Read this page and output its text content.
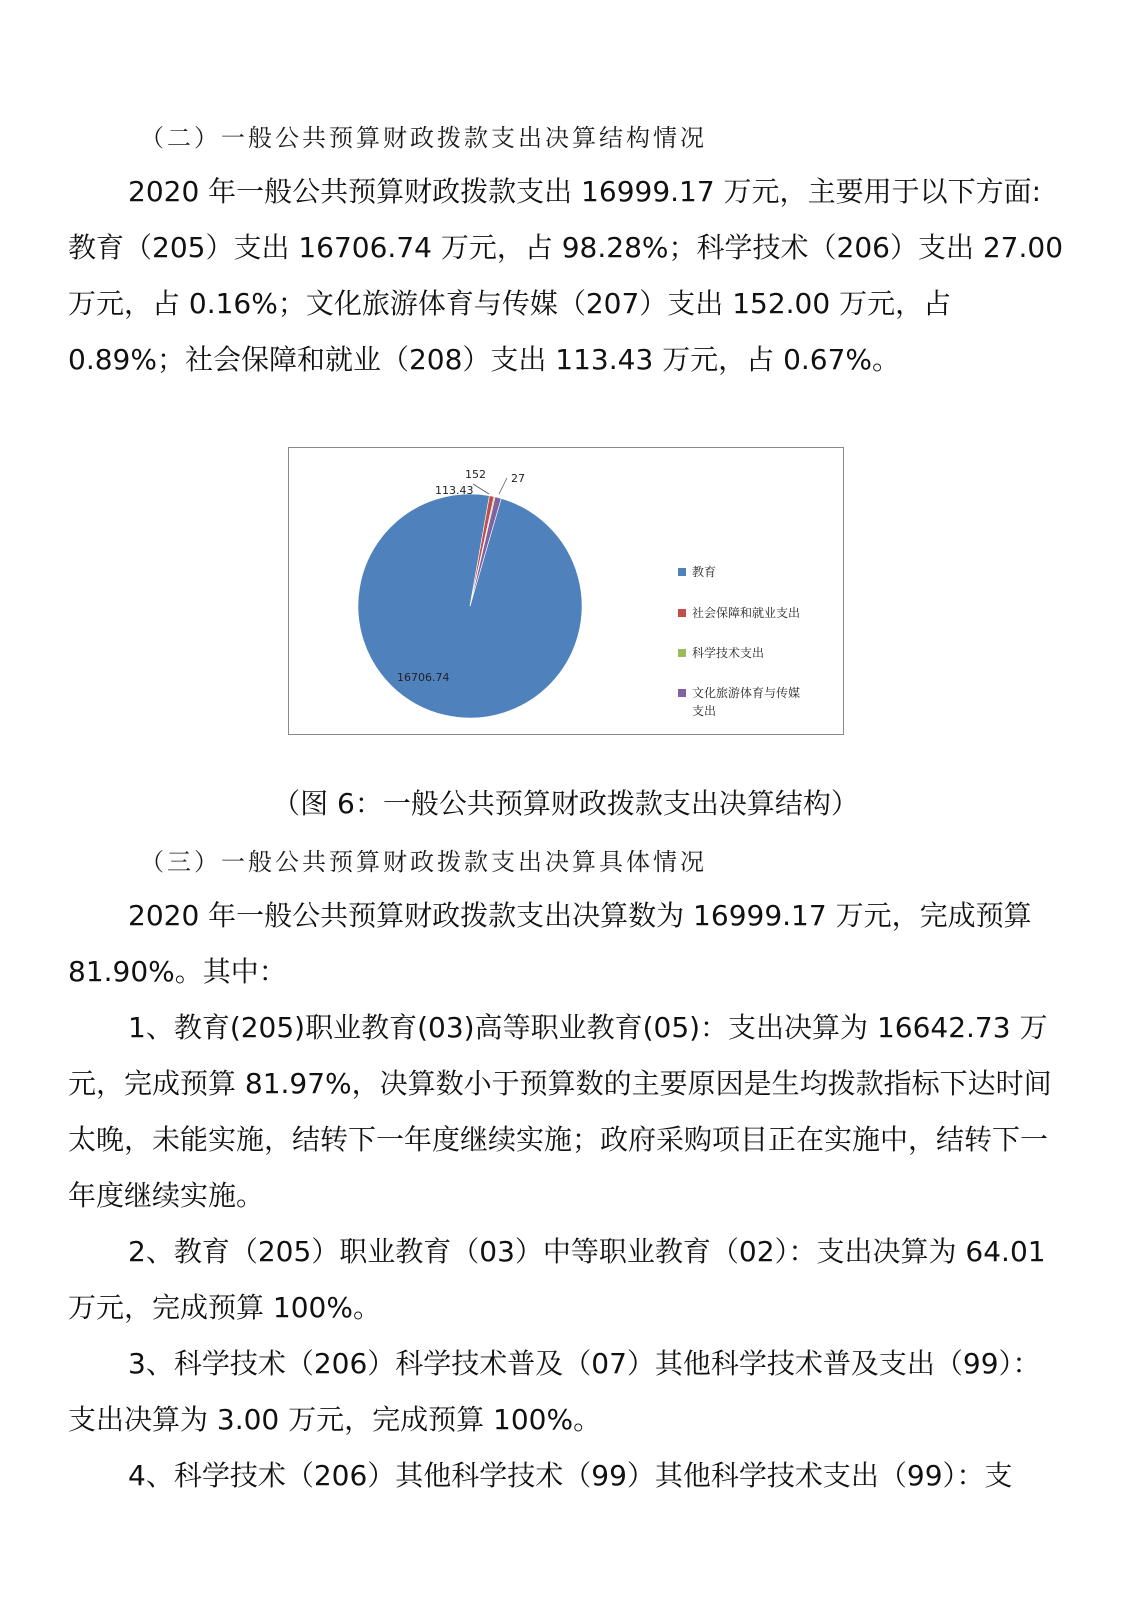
（二）一般公共预算财政拨款支出决算结构情况

2020 年一般公共预算财政拨款支出 16999.17 万元，主要用于以下方面:教育（205）支出 16706.74 万元，占 98.28%；科学技术（206）支出 27.00 万元，占 0.16%；文化旅游体育与传媒（207）支出 152.00 万元，占 0.89%；社会保障和就业（208）支出 113.43 万元，占 0.67%。

16706.74
113.43
152 27
教育
社会保障和就业支出
科学技术支出
文化旅游体育与传媒
支出
（图 6：一般公共预算财政拨款支出决算结构）
（三）一般公共预算财政拨款支出决算具体情况

2020 年一般公共预算财政拨款支出决算数为 16999.17 万元，完成预算 81.90%。其中：

1、教育(205)职业教育(03)高等职业教育(05)：支出决算为 16642.73 万元，完成预算 81.97%，决算数小于预算数的主要原因是生均拨款指标下达时间太晚，未能实施，结转下一年度继续实施；政府采购项目正在实施中，结转下一年度继续实施。

2、教育（205）职业教育（03）中等职业教育（02）：支出决算为 64.01 万元，完成预算 100%。

3、科学技术（206）科学技术普及（07）其他科学技术普及支出（99）：支出决算为 3.00 万元，完成预算 100%。

4、科学技术（206）其他科学技术（99）其他科学技术支出（99）：支
